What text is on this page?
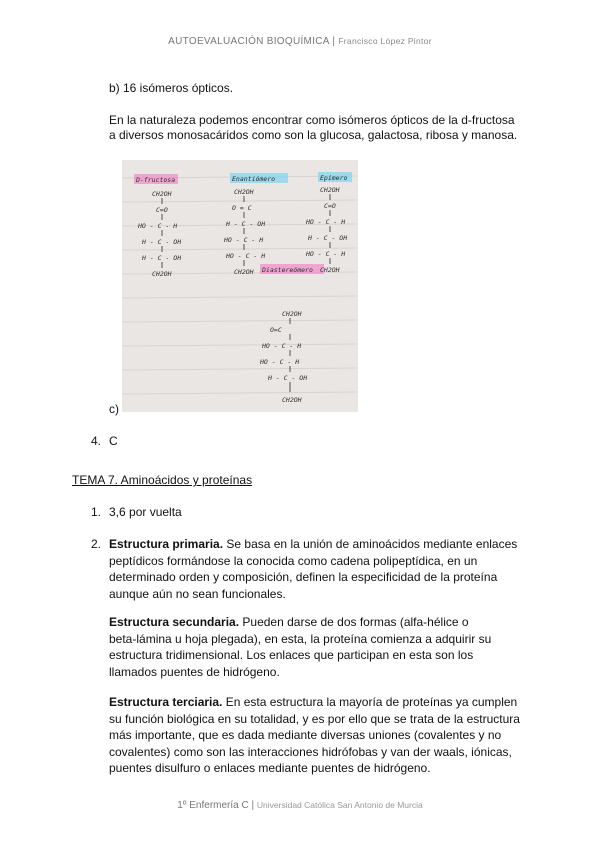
AUTOEVALUACIÓN BIOQUÍMICA | Francisco López Pintor
b) 16 isómeros ópticos.
En la naturaleza podemos encontrar como isómeros ópticos de la d-fructosa
a diversos monosacáridos como son la glucosa, galactosa, ribosa y manosa.
D-fructosa	Enantiómero	Epímero
Diastereómero
CH2OH
C=O
HO - C - H
H - C - OH
H - C - OH
CH2OH
CH2OH
O = C
H - C - OH
HO - C - H
HO - C - H
CH2OH
CH2OH
C=O
HO - C - H
H - C - OH
HO - C - H
CH2OH
CH2OH
O=C
HO - C - H
HO - C - H
H - C - OH
CH2OH
c)
4. C
TEMA 7. Aminoácidos y proteínas
1. 3,6 por vuelta
2. Estructura primaria. Se basa en la unión de aminoácidos mediante enlaces
peptídicos formándose la conocida como cadena polipeptídica, en un
determinado orden y composición, definen la especificidad de la proteína
aunque aún no sean funcionales.
Estructura secundaria. Pueden darse de dos formas (alfa-hélice o
beta-lámina u hoja plegada), en esta, la proteína comienza a adquirir su
estructura tridimensional. Los enlaces que participan en esta son los
llamados puentes de hidrógeno.
Estructura terciaria. En esta estructura la mayoría de proteínas ya cumplen
su función biológica en su totalidad, y es por ello que se trata de la estructura
más importante, que es dada mediante diversas uniones (covalentes y no
covalentes) como son las interacciones hidrófobas y van der waals, iónicas,
puentes disulfuro o enlaces mediante puentes de hidrógeno.
1º Enfermería C | Universidad Católica San Antonio de Murcia
